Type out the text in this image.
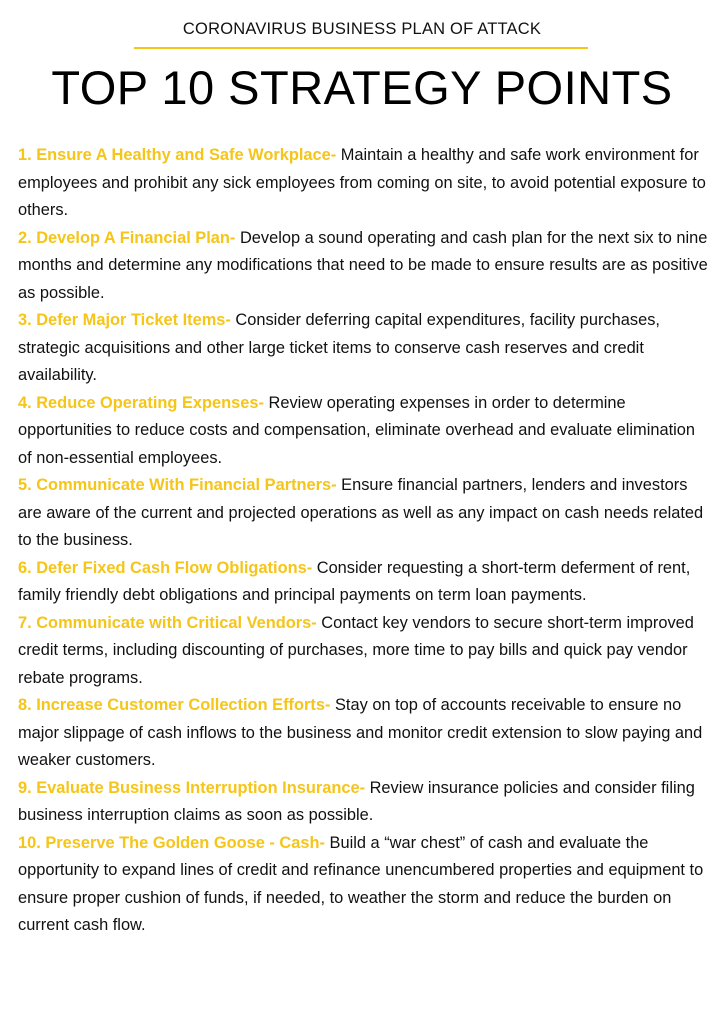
CORONAVIRUS BUSINESS PLAN OF ATTACK
TOP 10 STRATEGY POINTS
1. Ensure A Healthy and Safe Workplace- Maintain a healthy and safe work environment for employees and prohibit any sick employees from coming on site, to avoid potential exposure to others.
2. Develop A Financial Plan- Develop a sound operating and cash plan for the next six to nine months and determine any modifications that need to be made to ensure results are as positive as possible.
3. Defer Major Ticket Items- Consider deferring capital expenditures, facility purchases, strategic acquisitions and other large ticket items to conserve cash reserves and credit availability.
4. Reduce Operating Expenses- Review operating expenses in order to determine opportunities to reduce costs and compensation, eliminate overhead and evaluate elimination of non-essential employees.
5. Communicate With Financial Partners- Ensure financial partners, lenders and investors are aware of the current and projected operations as well as any impact on cash needs related to the business.
6. Defer Fixed Cash Flow Obligations- Consider requesting a short-term deferment of rent, family friendly debt obligations and principal payments on term loan payments.
7. Communicate with Critical Vendors- Contact key vendors to secure short-term improved credit terms, including discounting of purchases, more time to pay bills and quick pay vendor rebate programs.
8. Increase Customer Collection Efforts- Stay on top of accounts receivable to ensure no major slippage of cash inflows to the business and monitor credit extension to slow paying and weaker customers.
9. Evaluate Business Interruption Insurance- Review insurance policies and consider filing business interruption claims as soon as possible.
10. Preserve The Golden Goose - Cash- Build a “war chest” of cash and evaluate the opportunity to expand lines of credit and refinance unencumbered properties and equipment to ensure proper cushion of funds, if needed, to weather the storm and reduce the burden on current cash flow.
